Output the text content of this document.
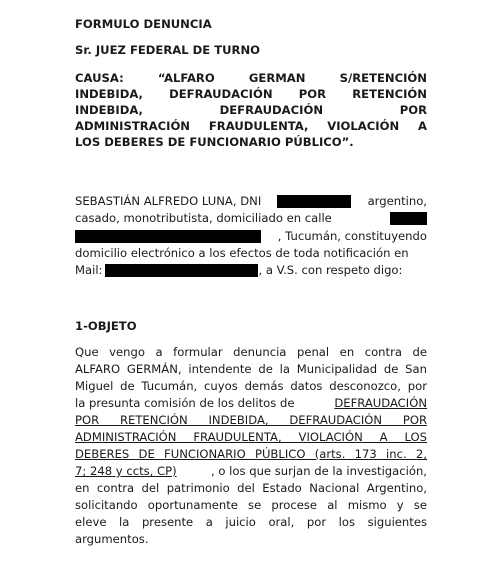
FORMULO DENUNCIA
Sr. JUEZ FEDERAL DE TURNO
CAUSA: “ALFARO GERMAN S/RETENCIÓN
INDEBIDA, DEFRAUDACIÓN POR RETENCIÓN
INDEBIDA, DEFRAUDACIÓN POR
ADMINISTRACIÓN FRAUDULENTA, VIOLACIÓN A
LOS DEBERES DE FUNCIONARIO PÚBLICO”.
SEBASTIÁN ALFREDO LUNA, DNI	argentino,
casado, monotributista, domiciliado en calle
, Tucumán, constituyendo
domicilio electrónico a los efectos de toda notificación en
Mail:	, a V.S. con respeto digo:
1-OBJETO
Que vengo a formular denuncia penal en contra de
ALFARO GERMÁN, intendente de la Municipalidad de San
Miguel de Tucumán, cuyos demás datos desconozco, por
la presunta comisión de los delitos de	DEFRAUDACIÓN
POR RETENCIÓN INDEBIDA, DEFRAUDACIÓN POR
ADMINISTRACIÓN FRAUDULENTA, VIOLACIÓN A LOS
DEBERES DE FUNCIONARIO PÚBLICO (arts. 173 inc. 2,
7; 248 y ccts, CP)	, o los que surjan de la investigación,
en contra del patrimonio del Estado Nacional Argentino,
solicitando oportunamente se procese al mismo y se
eleve la presente a juicio oral, por los siguientes
argumentos.
